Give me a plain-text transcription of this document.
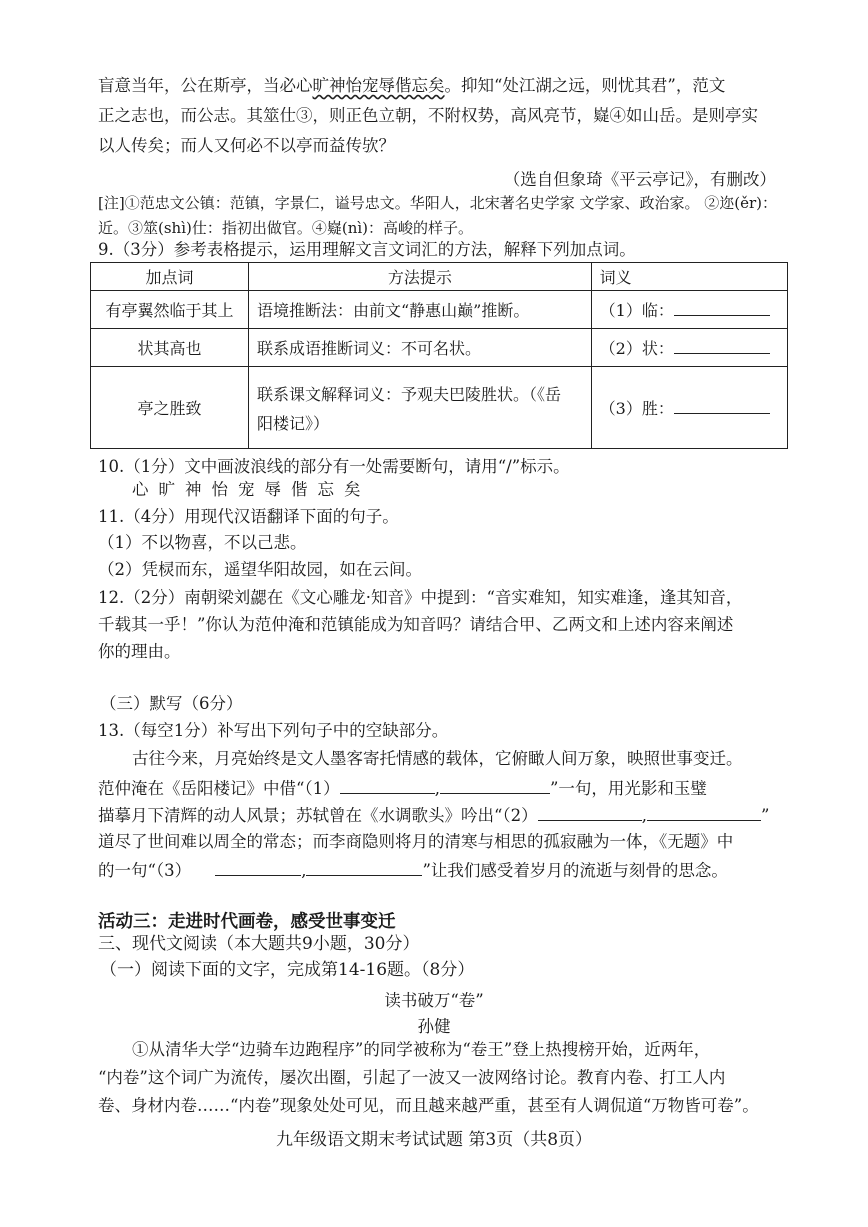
盲意当年，公在斯亭，当必心旷神怡宠辱偕忘矣。抑知“处江湖之远，则忧其君”，范文
正之志也，而公志。其筮仕③，则正色立朝，不附权势，高风亮节，嶷④如山岳。是则亭实
以人传矣；而人又何必不以亭而益传欤？
（选自但象琦《平云亭记》，有删改）
[注]①范忠文公镇：范镇，字景仁，谥号忠文。华阳人，北宋著名史学家 文学家、政治家。 ②迩(ěr)：
近。③筮(shì)仕：指初出做官。④嶷(nì)：高峻的样子。
9.（3分）参考表格提示，运用理解文言文词汇的方法，解释下列加点词。
加点词	方法提示	词义
有亭翼然临于其上	语境推断法：由前文“静惠山巅”推断。	（1）临：
状其高也	联系成语推断词义：不可名状。	（2）状：
亭之胜致	联系课文解释词义：予观夫巴陵胜状。（《岳
阳楼记》）	（3）胜：
10.（1分）文中画波浪线的部分有一处需要断句，请用“/”标示。
心旷神怡宠辱偕忘矣
11.（4分）用现代汉语翻译下面的句子。
（1）不以物喜，不以己悲。
（2）凭棂而东，遥望华阳故园，如在云间。
12.（2分）南朝梁刘勰在《文心雕龙·知音》中提到：“音实难知，知实难逢，逢其知音，
千载其一乎！”你认为范仲淹和范镇能成为知音吗？请结合甲、乙两文和上述内容来阐述
你的理由。
（三）默写（6分）
13.（每空1分）补写出下列句子中的空缺部分。
古往今来，月亮始终是文人墨客寄托情感的载体，它俯瞰人间万象，映照世事变迁。
范仲淹在《岳阳楼记》中借“（1）	,	”一句，用光影和玉璧
描摹月下清辉的动人风景；苏轼曾在《水调歌头》吟出“（2）	,	”
道尽了世间难以周全的常态；而李商隐则将月的清寒与相思的孤寂融为一体，《无题》中
的一句“（3）	,	”让我们感受着岁月的流逝与刻骨的思念。
活动三：走进时代画卷，感受世事变迁
三、现代文阅读（本大题共9小题，30分）
（一）阅读下面的文字，完成第14-16题。（8分）
读书破万“卷”
孙健
①从清华大学“边骑车边跑程序”的同学被称为“卷王”登上热搜榜开始，近两年，
“内卷”这个词广为流传，屡次出圈，引起了一波又一波网络讨论。教育内卷、打工人内
卷、身材内卷……“内卷”现象处处可见，而且越来越严重，甚至有人调侃道“万物皆可卷”。
九年级语文期末考试试题 第3页（共8页）
